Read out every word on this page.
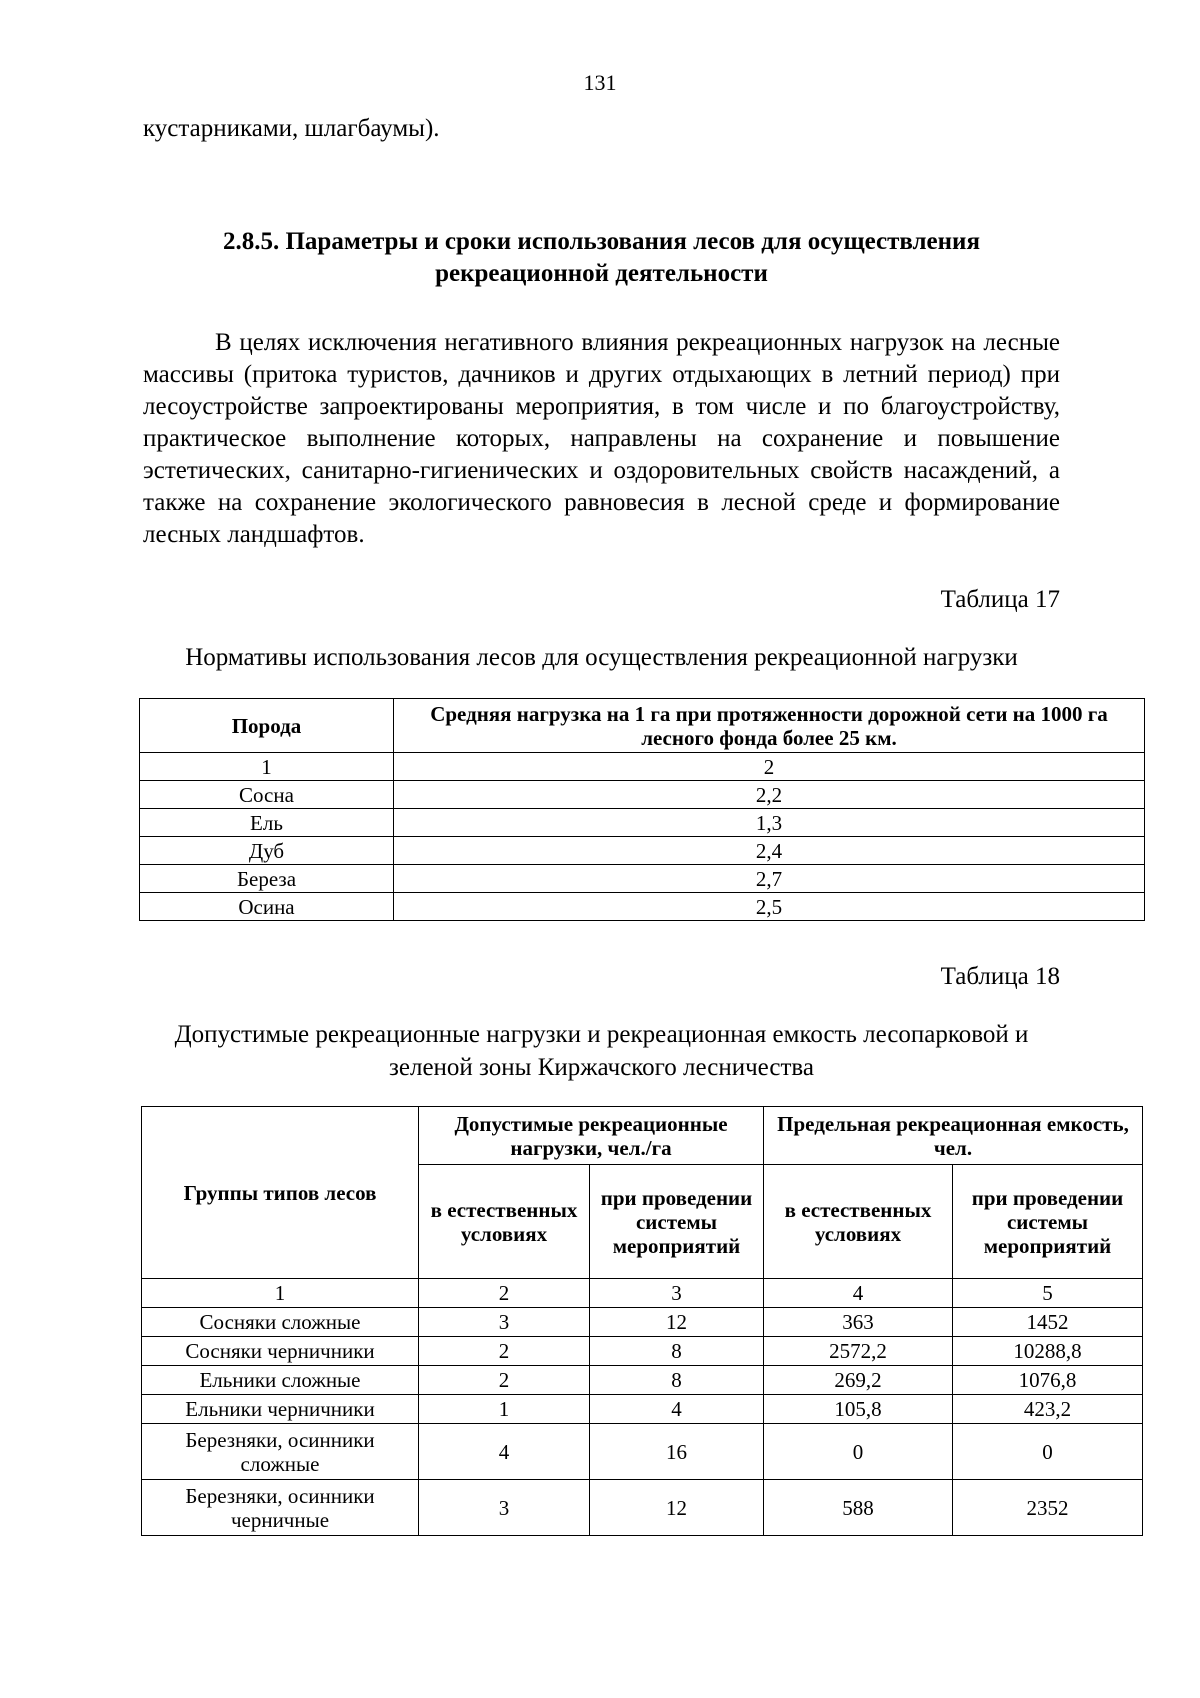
131
кустарниками, шлагбаумы).
2.8.5. Параметры и сроки использования лесов для осуществления
рекреационной деятельности

В целях исключения негативного влияния рекреационных нагрузок на лесные массивы (притока туристов, дачников и других отдыхающих в летний период) при лесоустройстве запроектированы мероприятия, в том числе и по благоустройству, практическое выполнение которых, направлены на сохранение и повышение эстетических, санитарно-гигиенических и оздоровительных свойств насаждений, а также на сохранение экологического равновесия в лесной среде и формирование лесных ландшафтов.

Таблица 17
Нормативы использования лесов для осуществления рекреационной нагрузки
Порода	Средняя нагрузка на 1 га при протяженности дорожной сети на 1000 га лесного фонда более 25 км.
1	2
Сосна	2,2
Ель	1,3
Дуб	2,4
Береза	2,7
Осина	2,5
Таблица 18
Допустимые рекреационные нагрузки и рекреационная емкость лесопарковой и
зеленой зоны Киржачского лесничества
Группы типов лесов	Допустимые рекреационные нагрузки, чел./га		Предельная рекреационная емкость, чел.	
	в естественных условиях	при проведении системы мероприятий	в естественных условиях	при проведении системы мероприятий
1	2	3	4	5
Сосняки сложные	3	12	363	1452
Сосняки черничники	2	8	2572,2	10288,8
Ельники сложные	2	8	269,2	1076,8
Ельники черничники	1	4	105,8	423,2
Березняки, осинники сложные	4	16	0	0
Березняки, осинники черничные	3	12	588	2352
